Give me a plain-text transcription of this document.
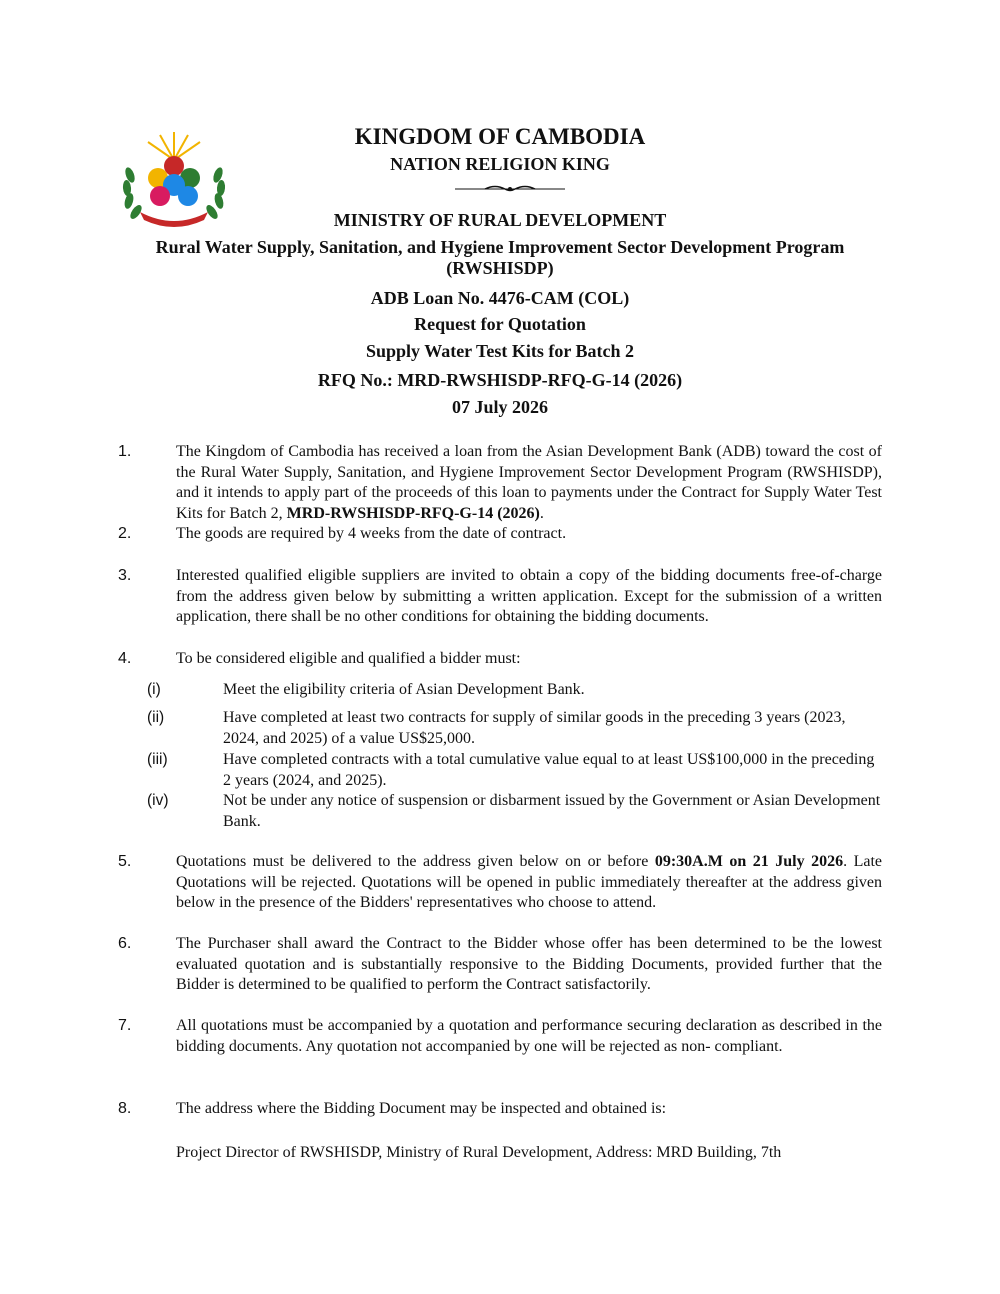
KINGDOM OF CAMBODIA
NATION RELIGION KING
MINISTRY OF RURAL DEVELOPMENT
Rural Water Supply, Sanitation, and Hygiene Improvement Sector Development Program
(RWSHISDP)
ADB Loan No. 4476-CAM (COL)
Request for Quotation
Supply Water Test Kits for Batch 2
RFQ No.: MRD-RWSHISDP-RFQ-G-14 (2026)
07 July 2026
1.	The Kingdom of Cambodia has received a loan from the Asian Development Bank (ADB) toward the cost of the Rural Water Supply, Sanitation, and Hygiene Improvement Sector Development Program (RWSHISDP), and it intends to apply part of the proceeds of this loan to payments under the Contract for Supply Water Test Kits for Batch 2, MRD-RWSHISDP-RFQ-G-14 (2026).
2.	The goods are required by 4 weeks from the date of contract.
3.	Interested qualified eligible suppliers are invited to obtain a copy of the bidding documents free-of-charge from the address given below by submitting a written application. Except for the submission of a written application, there shall be no other conditions for obtaining the bidding documents.
4.	To be considered eligible and qualified a bidder must:
(i)	Meet the eligibility criteria of Asian Development Bank.
(ii)	Have completed at least two contracts for supply of similar goods in the preceding 3 years (2023, 2024, and 2025) of a value US$25,000.
(iii)	Have completed contracts with a total cumulative value equal to at least US$100,000 in the preceding 2 years (2024, and 2025).
(iv)	Not be under any notice of suspension or disbarment issued by the Government or Asian Development Bank.
5.	Quotations must be delivered to the address given below on or before 09:30A.M on 21 July 2026. Late Quotations will be rejected. Quotations will be opened in public immediately thereafter at the address given below in the presence of the Bidders' representatives who choose to attend.
6.	The Purchaser shall award the Contract to the Bidder whose offer has been determined to be the lowest evaluated quotation and is substantially responsive to the Bidding Documents, provided further that the Bidder is determined to be qualified to perform the Contract satisfactorily.
7.	All quotations must be accompanied by a quotation and performance securing declaration as described in the bidding documents. Any quotation not accompanied by one will be rejected as non- compliant.
8.	The address where the Bidding Document may be inspected and obtained is:
Project Director of RWSHISDP, Ministry of Rural Development, Address: MRD Building, 7th
